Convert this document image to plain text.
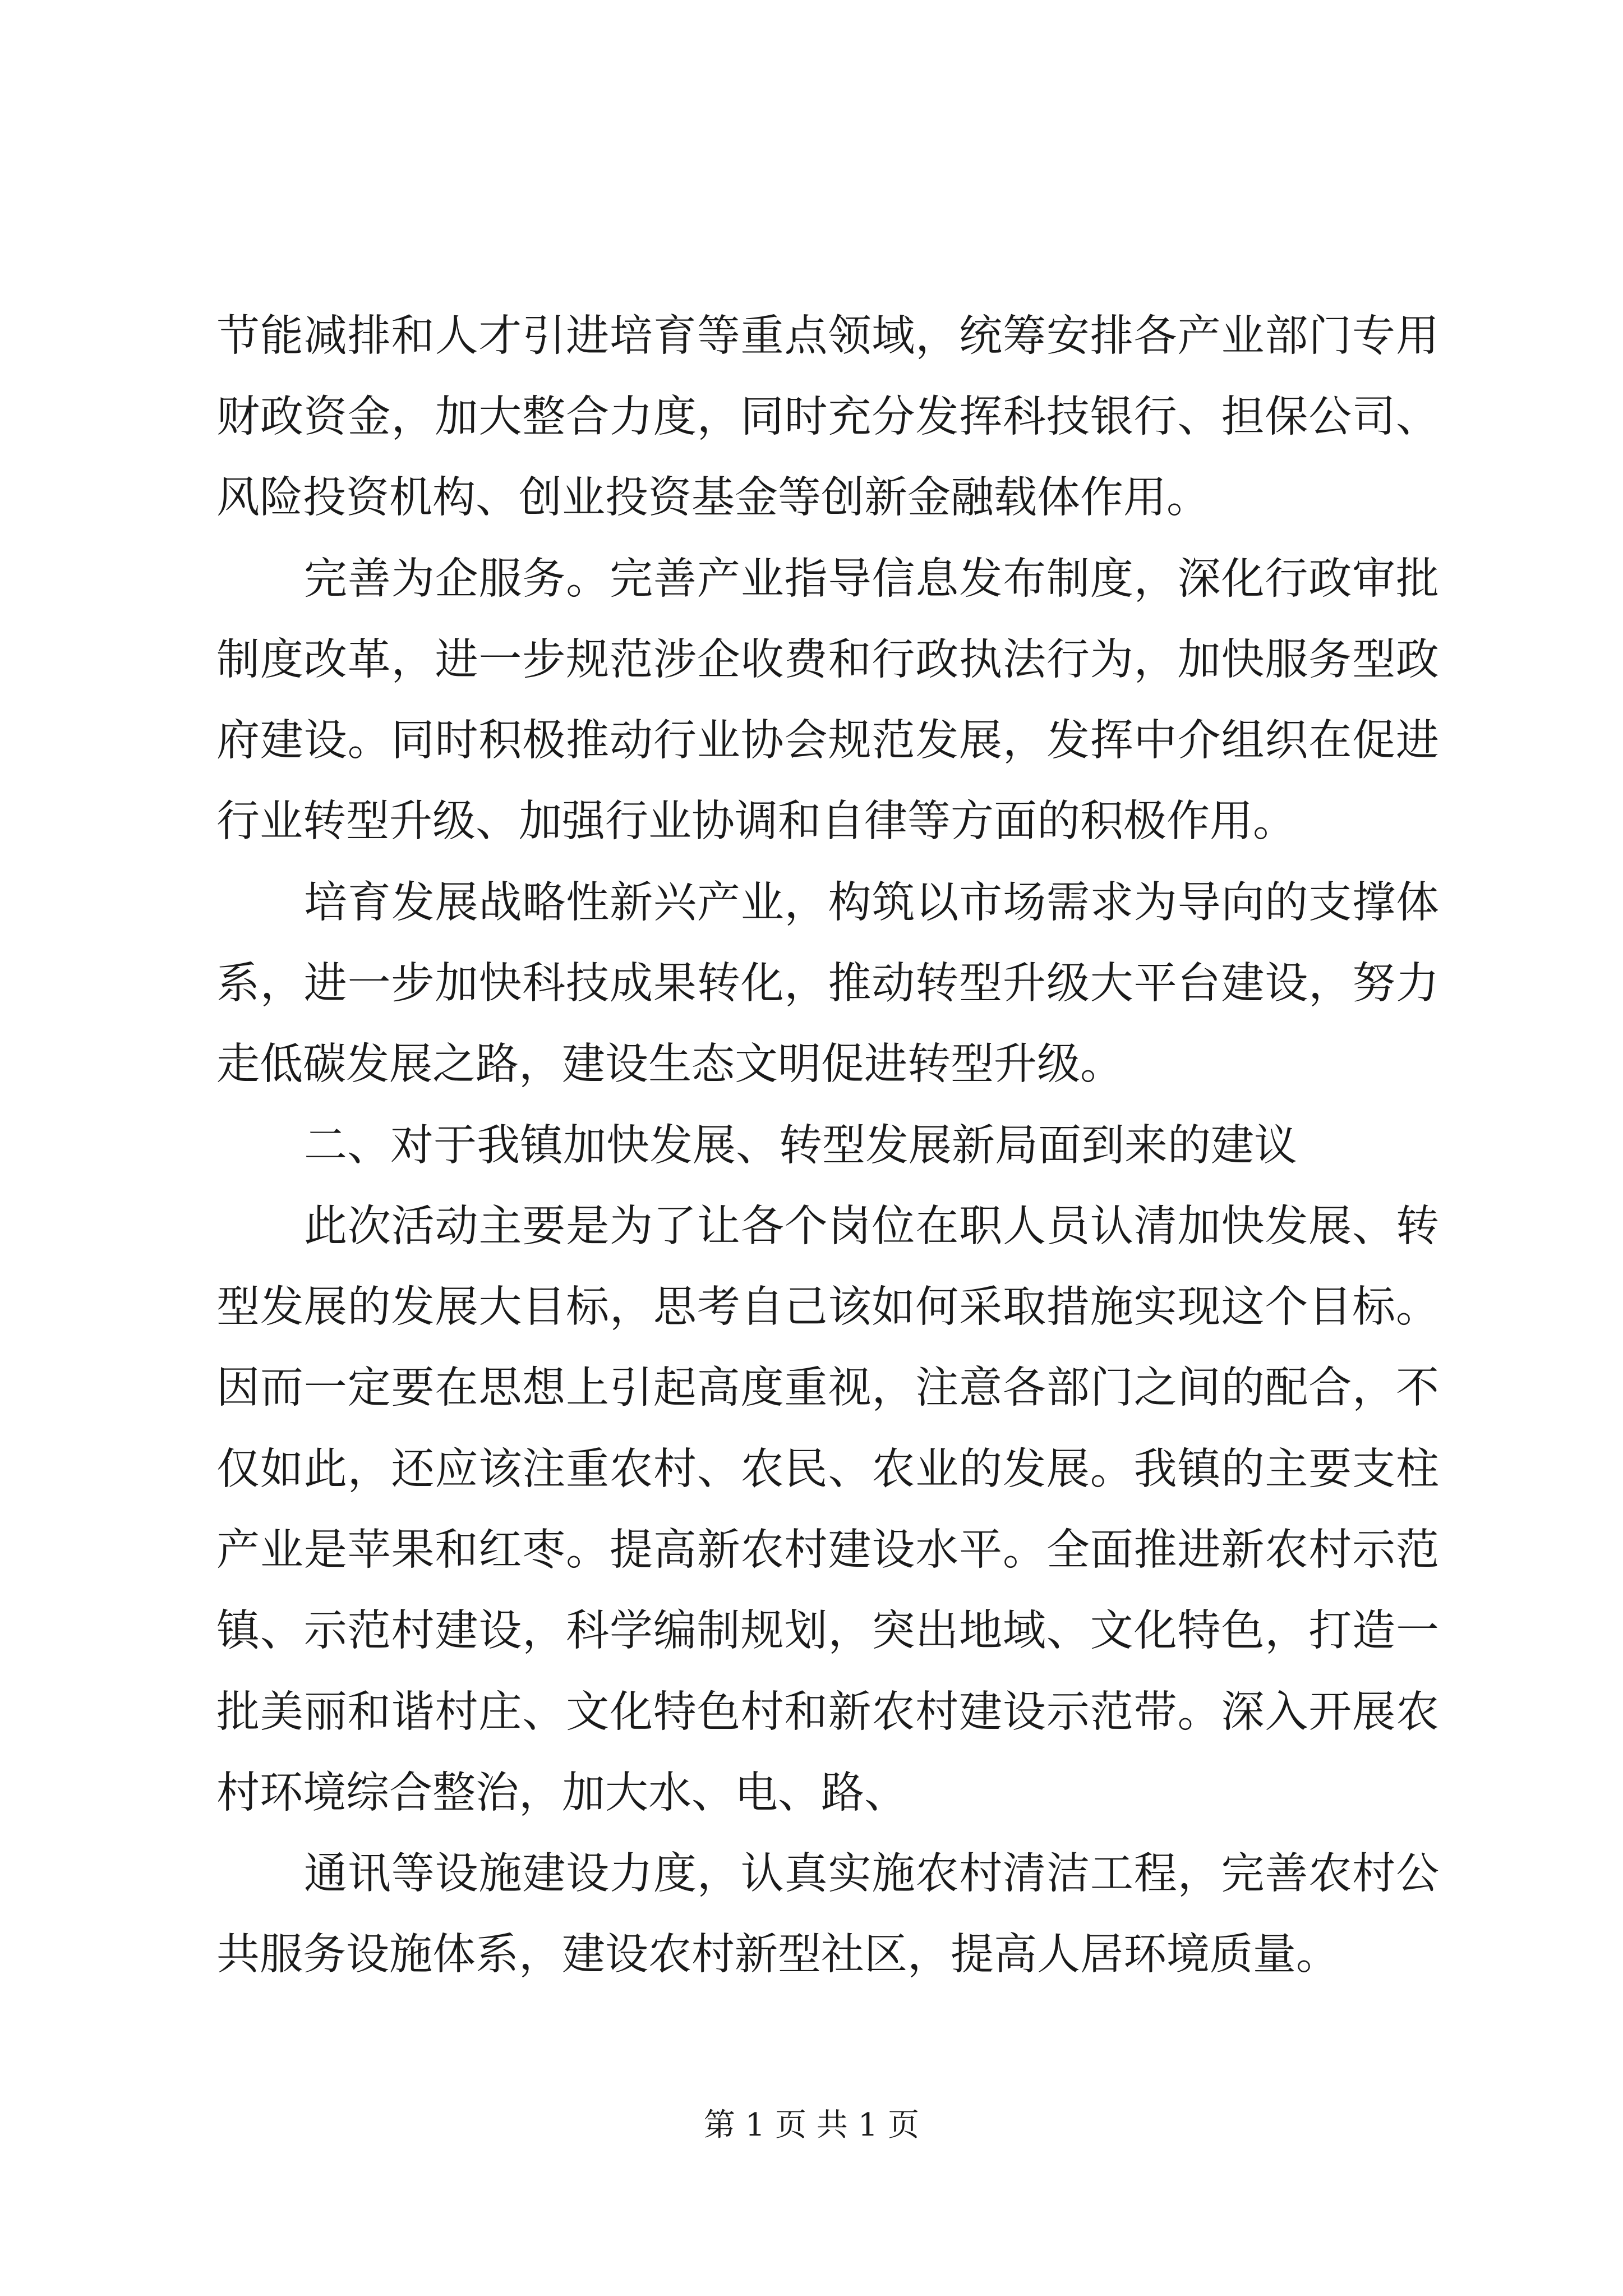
节能减排和人才引进培育等重点领域，统筹安排各产业部门专用
财政资金，加大整合力度，同时充分发挥科技银行、担保公司、
风险投资机构、创业投资基金等创新金融载体作用。
完善为企服务。完善产业指导信息发布制度，深化行政审批
制度改革，进一步规范涉企收费和行政执法行为，加快服务型政
府建设。同时积极推动行业协会规范发展，发挥中介组织在促进
行业转型升级、加强行业协调和自律等方面的积极作用。
培育发展战略性新兴产业，构筑以市场需求为导向的支撑体
系，进一步加快科技成果转化，推动转型升级大平台建设，努力
走低碳发展之路，建设生态文明促进转型升级。
二、对于我镇加快发展、转型发展新局面到来的建议
此次活动主要是为了让各个岗位在职人员认清加快发展、转
型发展的发展大目标，思考自己该如何采取措施实现这个目标。
因而一定要在思想上引起高度重视，注意各部门之间的配合，不
仅如此，还应该注重农村、农民、农业的发展。我镇的主要支柱
产业是苹果和红枣。提高新农村建设水平。全面推进新农村示范
镇、示范村建设，科学编制规划，突出地域、文化特色，打造一
批美丽和谐村庄、文化特色村和新农村建设示范带。深入开展农
村环境综合整治，加大水、电、路、
通讯等设施建设力度，认真实施农村清洁工程，完善农村公
共服务设施体系，建设农村新型社区，提高人居环境质量。
第 1 页 共 1 页
